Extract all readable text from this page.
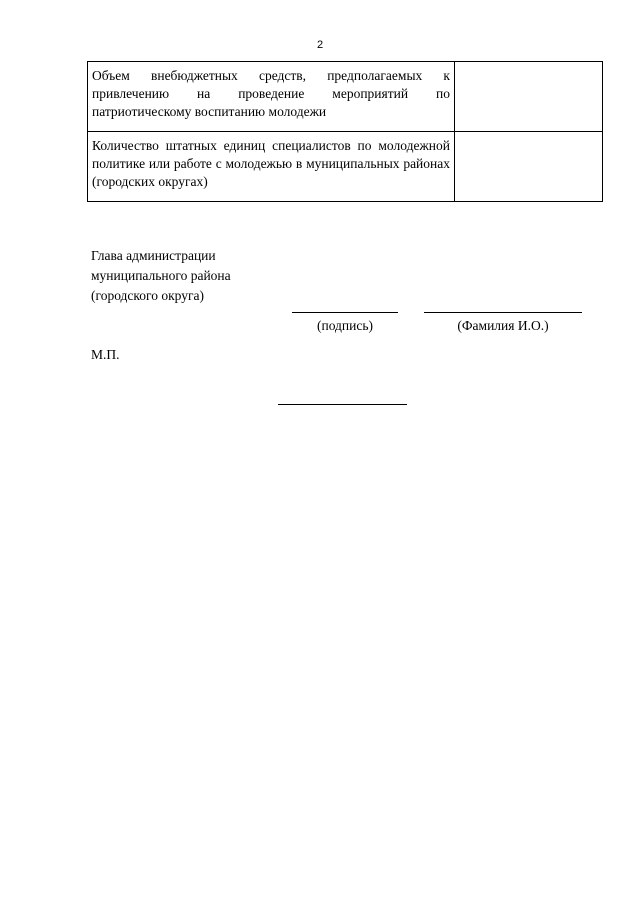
2
Объем внебюджетных средств, предполагаемых к привлечению на проведение мероприятий по патриотическому воспитанию молодежи	
Количество штатных единиц специалистов по молодежной политике или работе с молодежью в муниципальных районах (городских округах)	
Глава администрации
муниципального района
(городского округа)
(подпись)	(Фамилия И.О.)
М.П.
